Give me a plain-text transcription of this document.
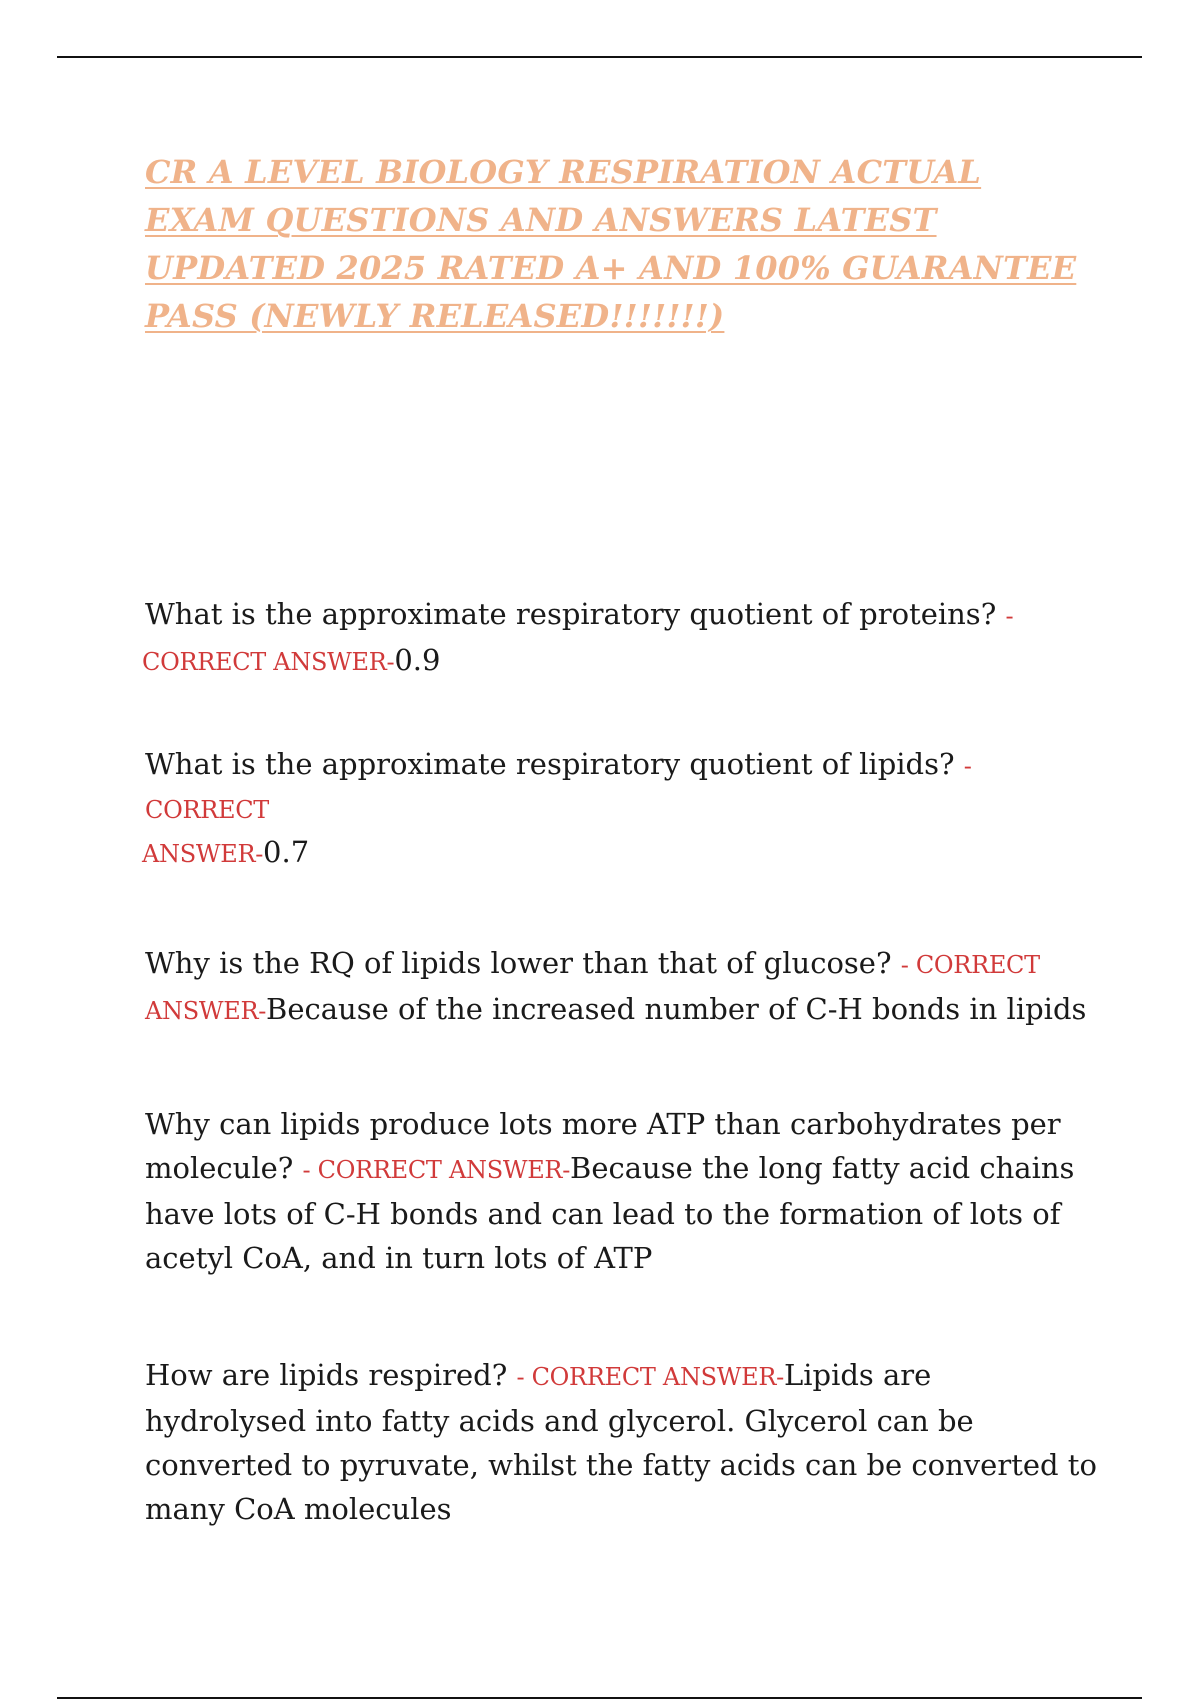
CR A LEVEL BIOLOGY RESPIRATION ACTUAL
EXAM QUESTIONS AND ANSWERS LATEST
UPDATED 2025 RATED A+ AND 100% GUARANTEE
PASS (NEWLY RELEASED!!!!!!!)
What is the approximate respiratory quotient of proteins? -
CORRECT ANSWER-0.9
What is the approximate respiratory quotient of lipids? -
CORRECT
ANSWER-0.7
Why is the RQ of lipids lower than that of glucose? - CORRECT
ANSWER-Because of the increased number of C-H bonds in lipids
Why can lipids produce lots more ATP than carbohydrates per
molecule? - CORRECT ANSWER-Because the long fatty acid chains
have lots of C-H bonds and can lead to the formation of lots of
acetyl CoA, and in turn lots of ATP
How are lipids respired? - CORRECT ANSWER-Lipids are
hydrolysed into fatty acids and glycerol. Glycerol can be
converted to pyruvate, whilst the fatty acids can be converted to
many CoA molecules
